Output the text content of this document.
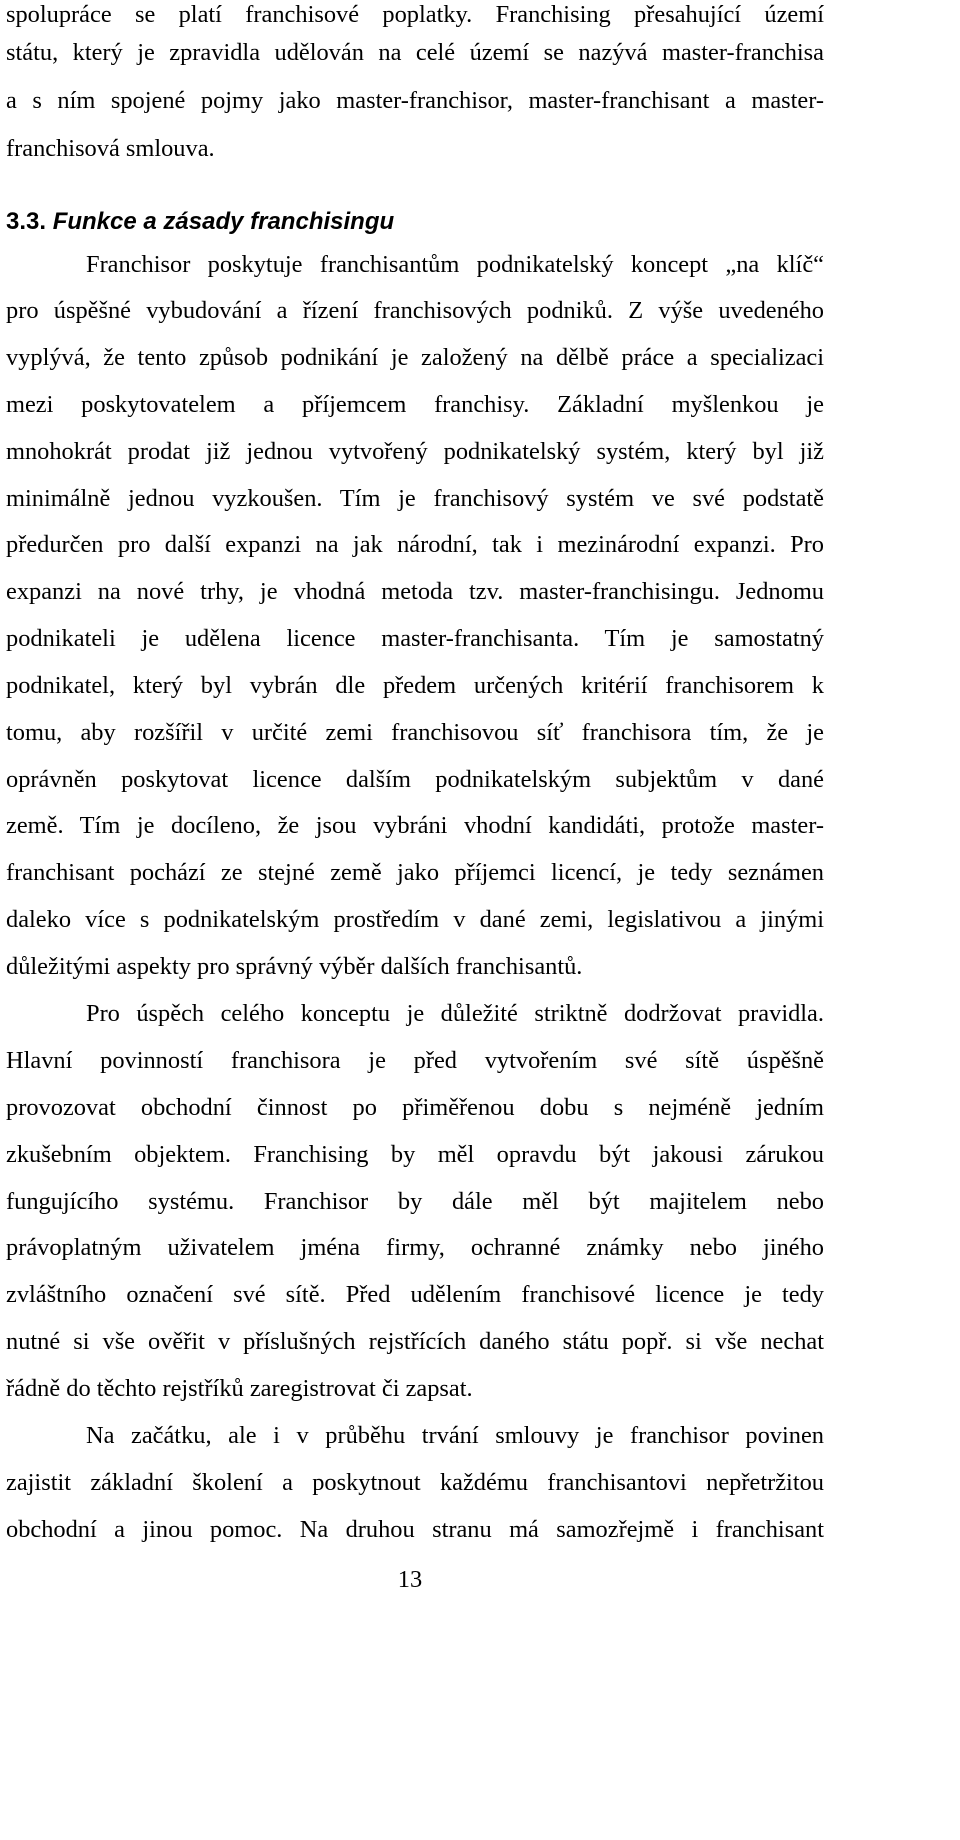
spolupráce se platí franchisové poplatky. Franchising přesahující území
státu, který je zpravidla udělován na celé území se nazývá master-franchisa
a s ním spojené pojmy jako master-franchisor, master-franchisant a master-
franchisová smlouva.
3.3. Funkce a zásady franchisingu
Franchisor poskytuje franchisantům podnikatelský koncept „na klíč“
pro úspěšné vybudování a řízení franchisových podniků. Z výše uvedeného
vyplývá, že tento způsob podnikání je založený na dělbě práce a specializaci
mezi poskytovatelem a příjemcem franchisy. Základní myšlenkou je
mnohokrát prodat již jednou vytvořený podnikatelský systém, který byl již
minimálně jednou vyzkoušen. Tím je franchisový systém ve své podstatě
předurčen pro další expanzi na jak národní, tak i mezinárodní expanzi. Pro
expanzi na nové trhy, je vhodná metoda tzv. master-franchisingu. Jednomu
podnikateli je udělena licence master-franchisanta. Tím je samostatný
podnikatel, který byl vybrán dle předem určených kritérií franchisorem k
tomu, aby rozšířil v určité zemi franchisovou síť franchisora tím, že je
oprávněn poskytovat licence dalším podnikatelským subjektům v dané
země. Tím je docíleno, že jsou vybráni vhodní kandidáti, protože master-
franchisant pochází ze stejné země jako příjemci licencí, je tedy seznámen
daleko více s podnikatelským prostředím v dané zemi, legislativou a jinými
důležitými aspekty pro správný výběr dalších franchisantů.
Pro úspěch celého konceptu je důležité striktně dodržovat pravidla.
Hlavní povinností franchisora je před vytvořením své sítě úspěšně
provozovat obchodní činnost po přiměřenou dobu s nejméně jedním
zkušebním objektem. Franchising by měl opravdu být jakousi zárukou
fungujícího systému. Franchisor by dále měl být majitelem nebo
právoplatným uživatelem jména firmy, ochranné známky nebo jiného
zvláštního označení své sítě. Před udělením franchisové licence je tedy
nutné si vše ověřit v příslušných rejstřících daného státu popř. si vše nechat
řádně do těchto rejstříků zaregistrovat či zapsat.
Na začátku, ale i v průběhu trvání smlouvy je franchisor povinen
zajistit základní školení a poskytnout každému franchisantovi nepřetržitou
obchodní a jinou pomoc. Na druhou stranu má samozřejmě i franchisant
13
